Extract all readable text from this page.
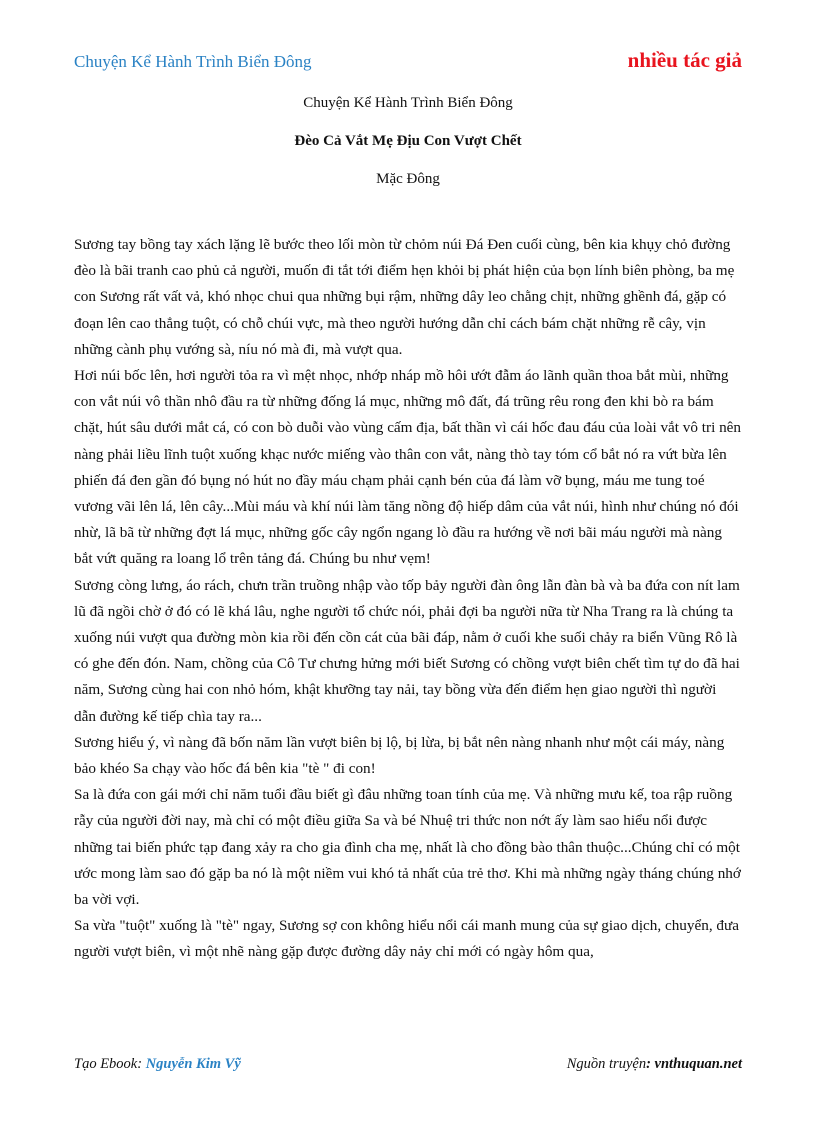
Chuyện Kể Hành Trình Biển Đông	nhiều tác giả
Chuyện Kể Hành Trình Biển Đông
Đèo Cả Vắt Mẹ Địu Con Vượt Chết
Mặc Đông

Sương tay bồng tay xách lặng lẽ bước theo lối mòn từ chỏm núi Đá Đen cuối cùng, bên kia khụy chỏ đường đèo là bãi tranh cao phủ cả người, muốn đi tắt tới điểm hẹn khỏi bị phát hiện của bọn lính biên phòng, ba mẹ con Sương rất vất vả, khó nhọc chui qua những bụi rậm, những dây leo chằng chịt, những ghềnh đá, gặp có đoạn lên cao thẳng tuột, có chỗ chúi vực, mà theo người hướng dẫn chỉ cách bám chặt những rễ cây, vịn những cành phụ vướng sà, níu nó mà đi, mà vượt qua.

Hơi núi bốc lên, hơi người tỏa ra vì mệt nhọc, nhớp nháp mồ hôi ướt đẫm áo lãnh quần thoa bắt mùi, những con vắt núi vô thần nhô đầu ra từ những đống lá mục, những mô đất, đá trũng rêu rong đen khi bò ra bám chặt, hút sâu dưới mắt cá, có con bò duỗi vào vùng cấm địa, bất thần vì cái hốc đau đáu của loài vắt vô tri nên nàng phải liều lĩnh tuột xuống khạc nước miếng vào thân con vắt, nàng thò tay tóm cổ bắt nó ra vứt bừa lên phiến đá đen gần đó bụng nó hút no đầy máu chạm phải cạnh bén của đá làm vỡ bụng, máu me tung toé vương vãi lên lá, lên cây...Mùi máu và khí núi làm tăng nồng độ hiếp dâm của vắt núi, hình như chúng nó đói nhừ, lã bã từ những đợt lá mục, những gốc cây ngổn ngang lò đầu ra hướng về nơi bãi máu người mà nàng bắt vứt quăng ra loang lổ trên tảng đá. Chúng bu như vẹm!

Sương còng lưng, áo rách, chưn trần truồng nhập vào tốp bảy người đàn ông lẫn đàn bà và ba đứa con nít lam lũ đã ngồi chờ ở đó có lẽ khá lâu, nghe người tổ chức nói, phải đợi ba người nữa từ Nha Trang ra là chúng ta xuống núi vượt qua đường mòn kia rồi đến cồn cát của bãi đáp, nằm ở cuối khe suối chảy ra biển Vũng Rô là có ghe đến đón. Nam, chồng của Cô Tư chưng hửng mới biết Sương có chồng vượt biên chết tìm tự do đã hai năm, Sương cùng hai con nhỏ hóm, khật khưỡng tay nải, tay bồng vừa đến điểm hẹn giao người thì người dẫn đường kế tiếp chìa tay ra...

Sương hiểu ý, vì nàng đã bốn năm lần vượt biên bị lộ, bị lừa, bị bắt nên nàng nhanh như một cái máy, nàng bảo khéo Sa chạy vào hốc đá bên kia "tè " đi con!

Sa là đứa con gái mới chỉ năm tuổi đầu biết gì đâu những toan tính của mẹ. Và những mưu kế, toa rập ruồng rẫy của người đời nay, mà chỉ có một điều giữa Sa và bé Nhuệ tri thức non nớt ấy làm sao hiểu nổi được những tai biến phức tạp đang xảy ra cho gia đình cha mẹ, nhất là cho đồng bào thân thuộc...Chúng chỉ có một ước mong làm sao đó gặp ba nó là một niềm vui khó tả nhất của trẻ thơ. Khi mà những ngày tháng chúng nhớ ba vời vợi.

Sa vừa "tuột" xuống là "tè" ngay, Sương sợ con không hiểu nổi cái manh mung của sự giao dịch, chuyển, đưa người vượt biên, vì một nhẽ nàng gặp được đường dây nảy chỉ mới có ngày hôm qua,

Tạo Ebook: Nguyễn Kim Vỹ	Nguồn truyện: vnthuquan.net
